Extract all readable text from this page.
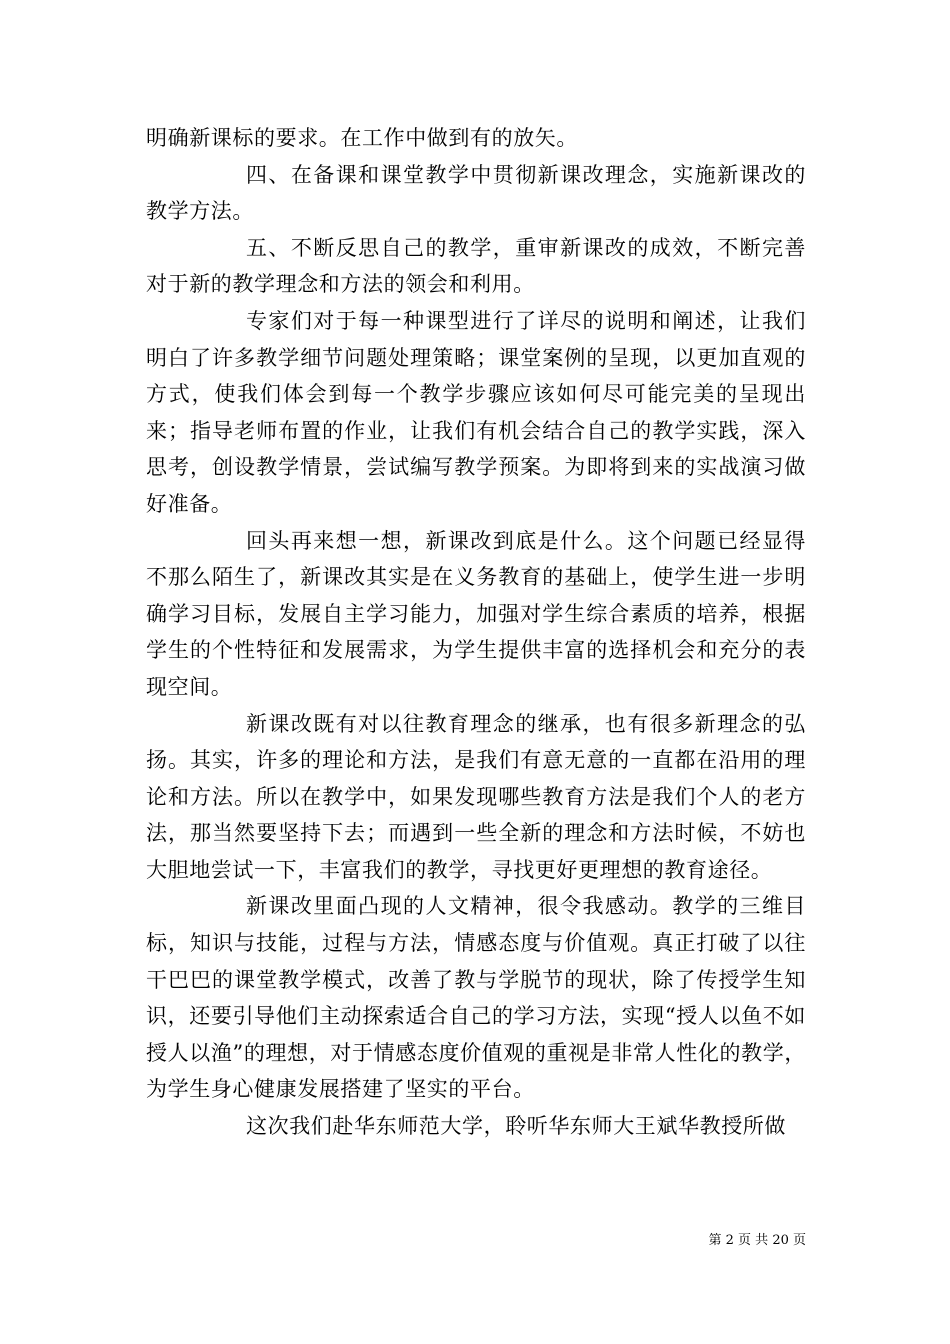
明确新课标的要求。在工作中做到有的放矢。

四、在备课和课堂教学中贯彻新课改理念，实施新课改的教学方法。

五、不断反思自己的教学，重审新课改的成效，不断完善对于新的教学理念和方法的领会和利用。

专家们对于每一种课型进行了详尽的说明和阐述，让我们明白了许多教学细节问题处理策略；课堂案例的呈现，以更加直观的方式，使我们体会到每一个教学步骤应该如何尽可能完美的呈现出来；指导老师布置的作业，让我们有机会结合自己的教学实践，深入思考，创设教学情景，尝试编写教学预案。为即将到来的实战演习做好准备。

回头再来想一想，新课改到底是什么。这个问题已经显得不那么陌生了，新课改其实是在义务教育的基础上，使学生进一步明确学习目标，发展自主学习能力，加强对学生综合素质的培养，根据学生的个性特征和发展需求，为学生提供丰富的选择机会和充分的表现空间。

新课改既有对以往教育理念的继承，也有很多新理念的弘扬。其实，许多的理论和方法，是我们有意无意的一直都在沿用的理论和方法。所以在教学中，如果发现哪些教育方法是我们个人的老方法，那当然要坚持下去；而遇到一些全新的理念和方法时候，不妨也大胆地尝试一下，丰富我们的教学，寻找更好更理想的教育途径。

新课改里面凸现的人文精神，很令我感动。教学的三维目标，知识与技能，过程与方法，情感态度与价值观。真正打破了以往干巴巴的课堂教学模式，改善了教与学脱节的现状，除了传授学生知识，还要引导他们主动探索适合自己的学习方法，实现“授人以鱼不如授人以渔”的理想，对于情感态度价值观的重视是非常人性化的教学，为学生身心健康发展搭建了坚实的平台。

这次我们赴华东师范大学，聆听华东师大王斌华教授所做

第 2 页 共 20 页
